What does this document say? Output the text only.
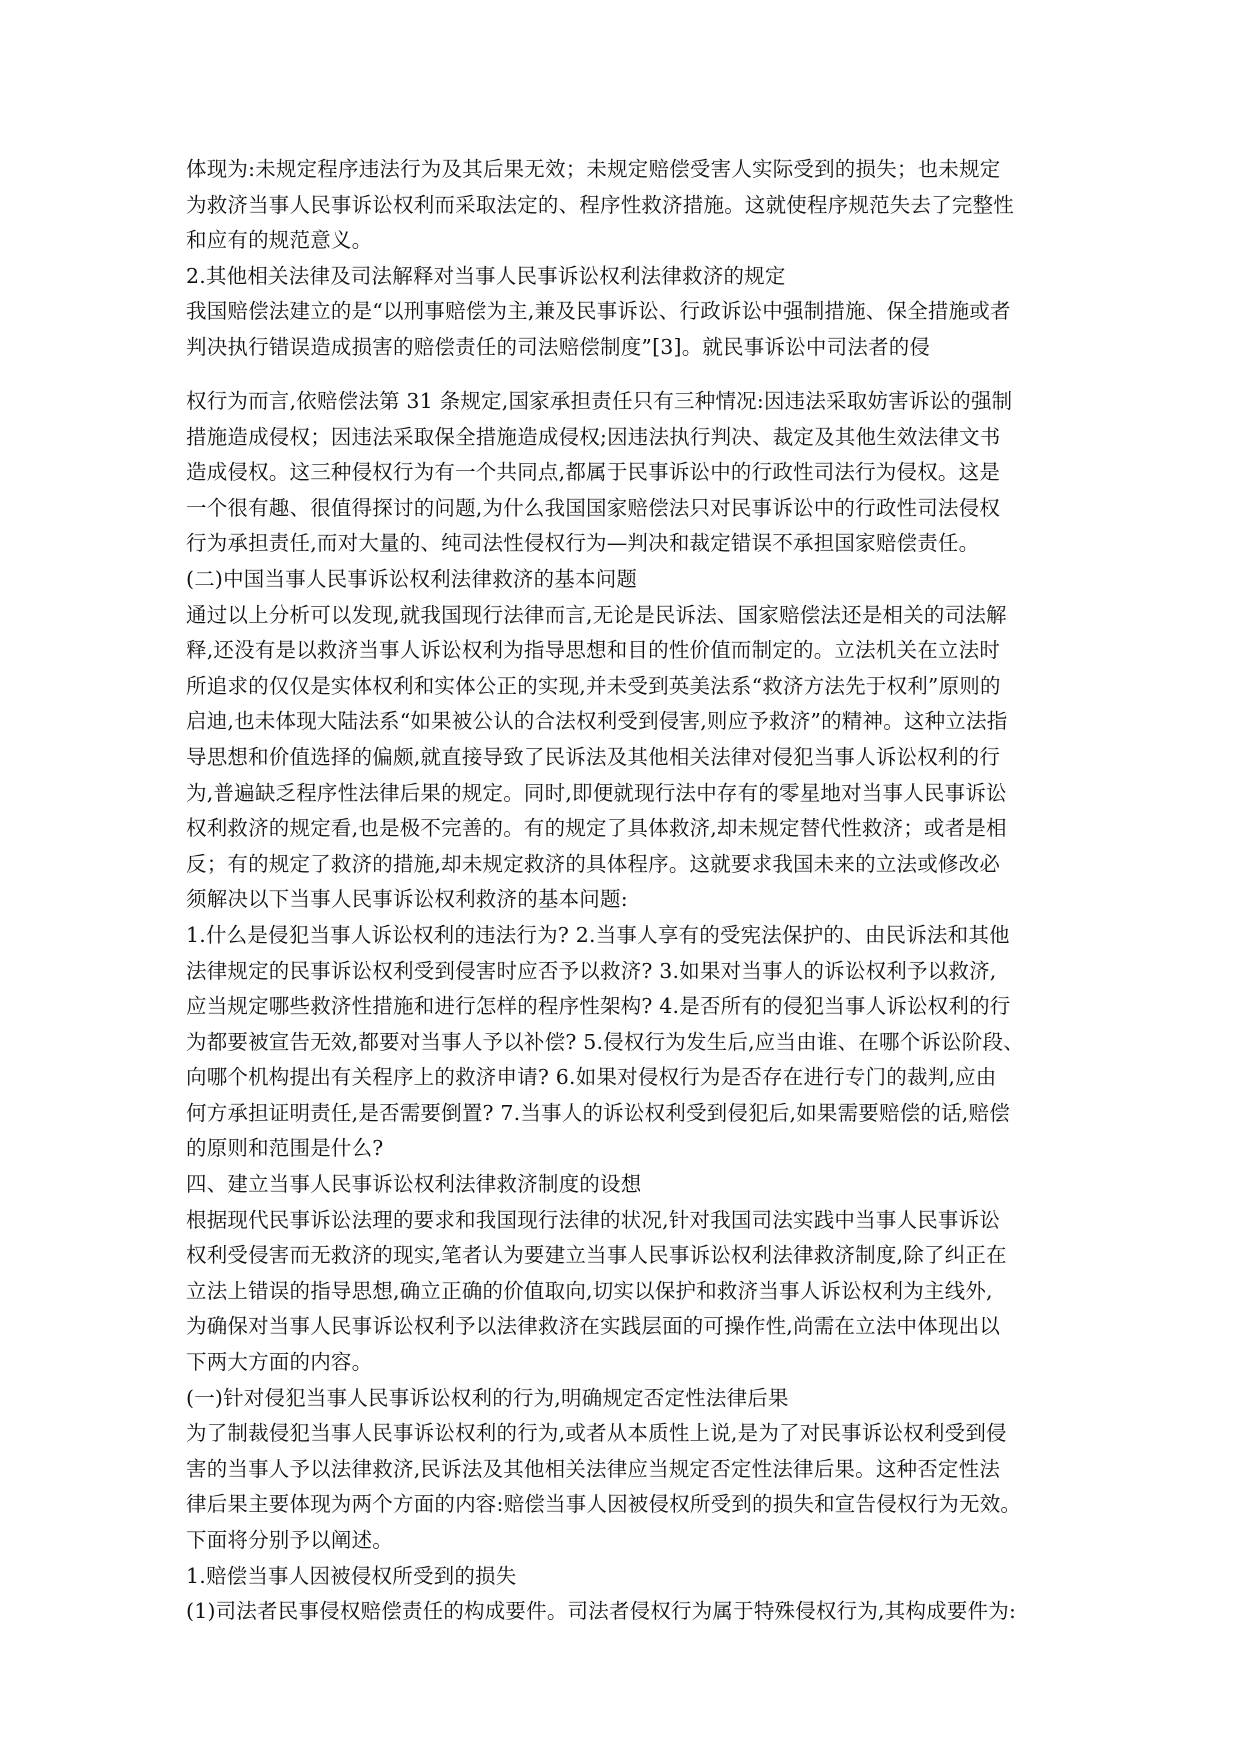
体现为:未规定程序违法行为及其后果无效；未规定赔偿受害人实际受到的损失；也未规定
为救济当事人民事诉讼权利而采取法定的、程序性救济措施。这就使程序规范失去了完整性
和应有的规范意义。
2.其他相关法律及司法解释对当事人民事诉讼权利法律救济的规定
我国赔偿法建立的是“以刑事赔偿为主,兼及民事诉讼、行政诉讼中强制措施、保全措施或者
判决执行错误造成损害的赔偿责任的司法赔偿制度”[3]。就民事诉讼中司法者的侵
权行为而言,依赔偿法第 31 条规定,国家承担责任只有三种情况:因违法采取妨害诉讼的强制
措施造成侵权；因违法采取保全措施造成侵权;因违法执行判决、裁定及其他生效法律文书
造成侵权。这三种侵权行为有一个共同点,都属于民事诉讼中的行政性司法行为侵权。这是
一个很有趣、很值得探讨的问题,为什么我国国家赔偿法只对民事诉讼中的行政性司法侵权
行为承担责任,而对大量的、纯司法性侵权行为—判决和裁定错误不承担国家赔偿责任。
(二)中国当事人民事诉讼权利法律救济的基本问题
通过以上分析可以发现,就我国现行法律而言,无论是民诉法、国家赔偿法还是相关的司法解
释,还没有是以救济当事人诉讼权利为指导思想和目的性价值而制定的。立法机关在立法时
所追求的仅仅是实体权利和实体公正的实现,并未受到英美法系“救济方法先于权利”原则的
启迪,也未体现大陆法系“如果被公认的合法权利受到侵害,则应予救济”的精神。这种立法指
导思想和价值选择的偏颇,就直接导致了民诉法及其他相关法律对侵犯当事人诉讼权利的行
为,普遍缺乏程序性法律后果的规定。同时,即便就现行法中存有的零星地对当事人民事诉讼
权利救济的规定看,也是极不完善的。有的规定了具体救济,却未规定替代性救济；或者是相
反；有的规定了救济的措施,却未规定救济的具体程序。这就要求我国未来的立法或修改必
须解决以下当事人民事诉讼权利救济的基本问题:
1.什么是侵犯当事人诉讼权利的违法行为? 2.当事人享有的受宪法保护的、由民诉法和其他
法律规定的民事诉讼权利受到侵害时应否予以救济? 3.如果对当事人的诉讼权利予以救济,
应当规定哪些救济性措施和进行怎样的程序性架构? 4.是否所有的侵犯当事人诉讼权利的行
为都要被宣告无效,都要对当事人予以补偿? 5.侵权行为发生后,应当由谁、在哪个诉讼阶段、
向哪个机构提出有关程序上的救济申请? 6.如果对侵权行为是否存在进行专门的裁判,应由
何方承担证明责任,是否需要倒置? 7.当事人的诉讼权利受到侵犯后,如果需要赔偿的话,赔偿
的原则和范围是什么?
四、建立当事人民事诉讼权利法律救济制度的设想
根据现代民事诉讼法理的要求和我国现行法律的状况,针对我国司法实践中当事人民事诉讼
权利受侵害而无救济的现实,笔者认为要建立当事人民事诉讼权利法律救济制度,除了纠正在
立法上错误的指导思想,确立正确的价值取向,切实以保护和救济当事人诉讼权利为主线外,
为确保对当事人民事诉讼权利予以法律救济在实践层面的可操作性,尚需在立法中体现出以
下两大方面的内容。
(一)针对侵犯当事人民事诉讼权利的行为,明确规定否定性法律后果
为了制裁侵犯当事人民事诉讼权利的行为,或者从本质性上说,是为了对民事诉讼权利受到侵
害的当事人予以法律救济,民诉法及其他相关法律应当规定否定性法律后果。这种否定性法
律后果主要体现为两个方面的内容:赔偿当事人因被侵权所受到的损失和宣告侵权行为无效。
下面将分别予以阐述。
1.赔偿当事人因被侵权所受到的损失
(1)司法者民事侵权赔偿责任的构成要件。司法者侵权行为属于特殊侵权行为,其构成要件为:
